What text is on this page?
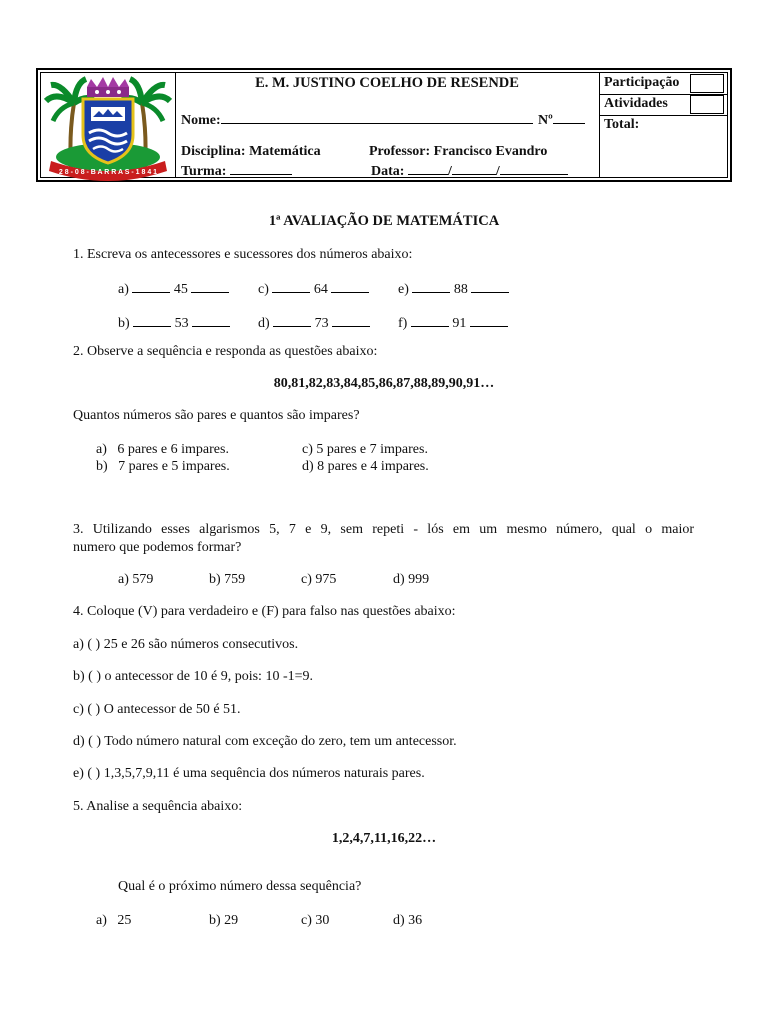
2 8 - 0 8 - B A R R A S - 1 8 4 1
E. M. JUSTINO COELHO DE RESENDE
Nome:	Nº
Disciplina: Matemática	Professor: Francisco Evandro
Turma:	Data:	/	/
Participação
Atividades
Total:
1ª AVALIAÇÃO DE MATEMÁTICA
1. Escreva os antecessores e sucessores dos números abaixo:
a)	45	c)	64	e)	88
b)	53	d)	73	f)	91
2. Observe a sequência e responda as questões abaixo:
80,81,82,83,84,85,86,87,88,89,90,91…
Quantos números são pares e quantos são impares?
a) 6 pares e 6 impares.	c) 5 pares e 7 impares.
b) 7 pares e 5 impares.	d) 8 pares e 4 impares.
3. Utilizando esses algarismos 5, 7 e 9, sem repeti - lós em um mesmo número, qual o maior
numero que podemos formar?
a) 579	b) 759	c) 975	d) 999
4. Coloque (V) para verdadeiro e (F) para falso nas questões abaixo:
a) ( ) 25 e 26 são números consecutivos.
b) ( ) o antecessor de 10 é 9, pois: 10 -1=9.
c) ( ) O antecessor de 50 é 51.
d) ( ) Todo número natural com exceção do zero, tem um antecessor.
e) ( ) 1,3,5,7,9,11 é uma sequência dos números naturais pares.
5. Analise a sequência abaixo:
1,2,4,7,11,16,22…
Qual é o próximo número dessa sequência?
a) 25	b) 29	c) 30	d) 36
